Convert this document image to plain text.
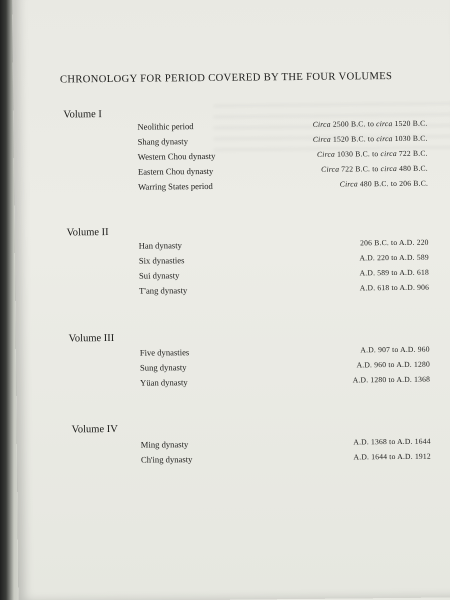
CHRONOLOGY FOR PERIOD COVERED BY THE FOUR VOLUMES
Volume I
Neolithic period	Circa 2500 B.C. to circa 1520 B.C.
Shang dynasty	Circa 1520 B.C. to circa 1030 B.C.
Western Chou dynasty	Circa 1030 B.C. to circa 722 B.C.
Eastern Chou dynasty	Circa 722 B.C. to circa 480 B.C.
Warring States period	Circa 480 B.C. to 206 B.C.
Volume II
Han dynasty	206 B.C. to A.D. 220
Six dynasties	A.D. 220 to A.D. 589
Sui dynasty	A.D. 589 to A.D. 618
T'ang dynasty	A.D. 618 to A.D. 906
Volume III
Five dynasties	A.D. 907 to A.D. 960
Sung dynasty	A.D. 960 to A.D. 1280
Yüan dynasty	A.D. 1280 to A.D. 1368
Volume IV
Ming dynasty	A.D. 1368 to A.D. 1644
Ch'ing dynasty	A.D. 1644 to A.D. 1912
